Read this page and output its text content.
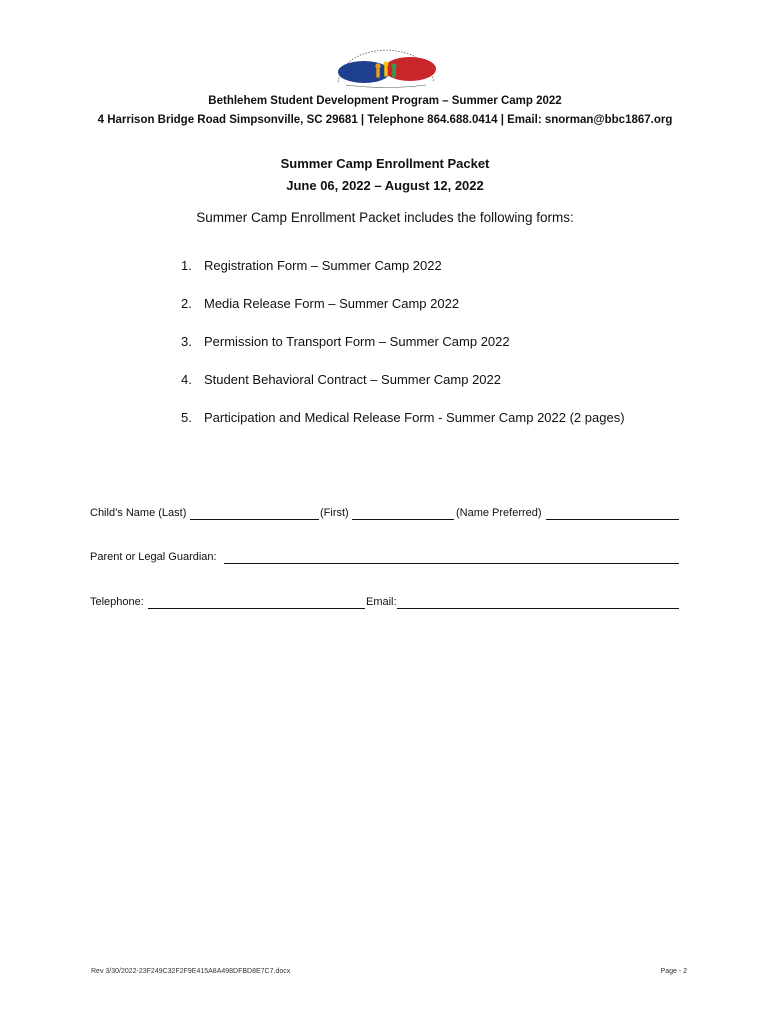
Bethlehem Student Development Program – Summer Camp 2022
4 Harrison Bridge Road Simpsonville, SC 29681 | Telephone 864.688.0414 | Email: snorman@bbc1867.org
Summer Camp Enrollment Packet
June 06, 2022 – August 12, 2022
Summer Camp Enrollment Packet includes the following forms:
1. Registration Form – Summer Camp 2022
2. Media Release Form – Summer Camp 2022
3. Permission to Transport Form – Summer Camp 2022
4. Student Behavioral Contract – Summer Camp 2022
5. Participation and Medical Release Form - Summer Camp 2022 (2 pages)
Child’s Name (Last)	(First)	(Name Preferred)
Parent or Legal Guardian:
Telephone:	Email:
Rev 3/30/2022-23F249C32F2F9E415A8A498DFBD8E7C7.docx	Page - 2
